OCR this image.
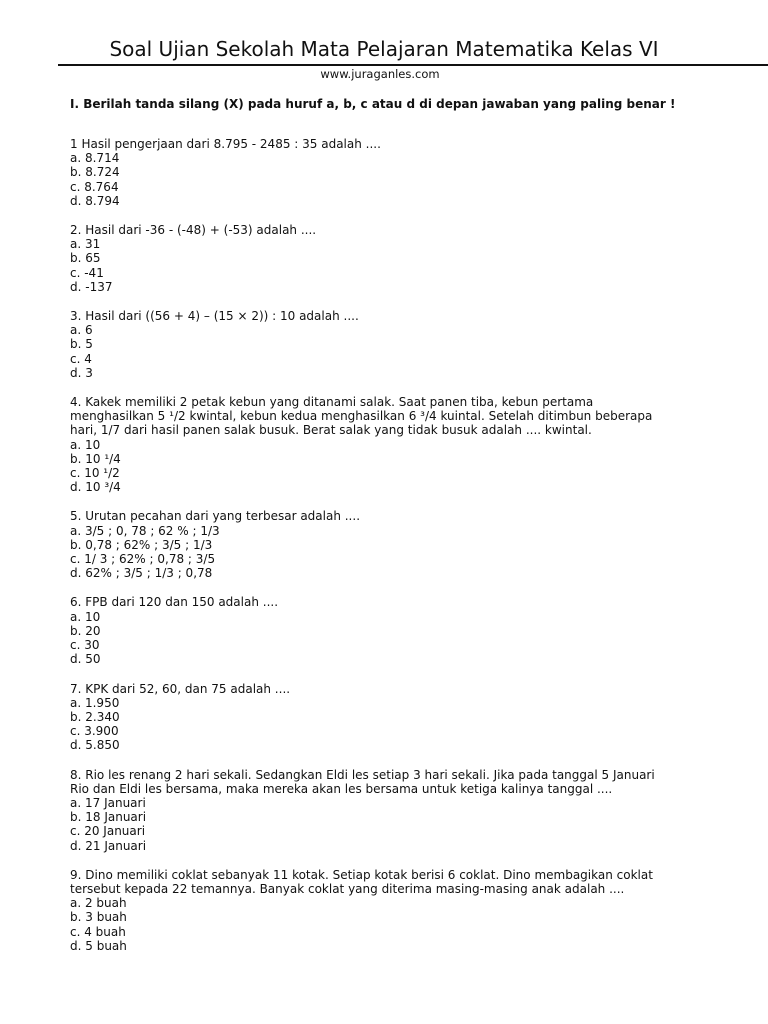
Soal Ujian Sekolah Mata Pelajaran Matematika Kelas VI
www.juraganles.com
I. Berilah tanda silang (X) pada huruf a, b, c atau d di depan jawaban yang paling benar !
1 Hasil pengerjaan dari 8.795 - 2485 : 35 adalah ....
a. 8.714
b. 8.724
c. 8.764
d. 8.794
2. Hasil dari -36 - (-48) + (-53) adalah ....
a. 31
b. 65
c. -41
d. -137
3. Hasil dari ((56 + 4) – (15 × 2)) : 10 adalah ....
a. 6
b. 5
c. 4
d. 3
4. Kakek memiliki 2 petak kebun yang ditanami salak. Saat panen tiba, kebun pertama
menghasilkan 5 ¹/2 kwintal, kebun kedua menghasilkan 6 ³/4 kuintal. Setelah ditimbun beberapa
hari, 1/7 dari hasil panen salak busuk. Berat salak yang tidak busuk adalah .... kwintal.
a. 10
b. 10 ¹/4
c. 10 ¹/2
d. 10 ³/4
5. Urutan pecahan dari yang terbesar adalah ....
a. 3/5 ; 0, 78 ; 62 % ; 1/3
b. 0,78 ; 62% ; 3/5 ; 1/3
c. 1/ 3 ; 62% ; 0,78 ; 3/5
d. 62% ; 3/5 ; 1/3 ; 0,78
6. FPB dari 120 dan 150 adalah ....
a. 10
b. 20
c. 30
d. 50
7. KPK dari 52, 60, dan 75 adalah ....
a. 1.950
b. 2.340
c. 3.900
d. 5.850
8. Rio les renang 2 hari sekali. Sedangkan Eldi les setiap 3 hari sekali. Jika pada tanggal 5 Januari
Rio dan Eldi les bersama, maka mereka akan les bersama untuk ketiga kalinya tanggal ....
a. 17 Januari
b. 18 Januari
c. 20 Januari
d. 21 Januari
9. Dino memiliki coklat sebanyak 11 kotak. Setiap kotak berisi 6 coklat. Dino membagikan coklat
tersebut kepada 22 temannya. Banyak coklat yang diterima masing-masing anak adalah ....
a. 2 buah
b. 3 buah
c. 4 buah
d. 5 buah
